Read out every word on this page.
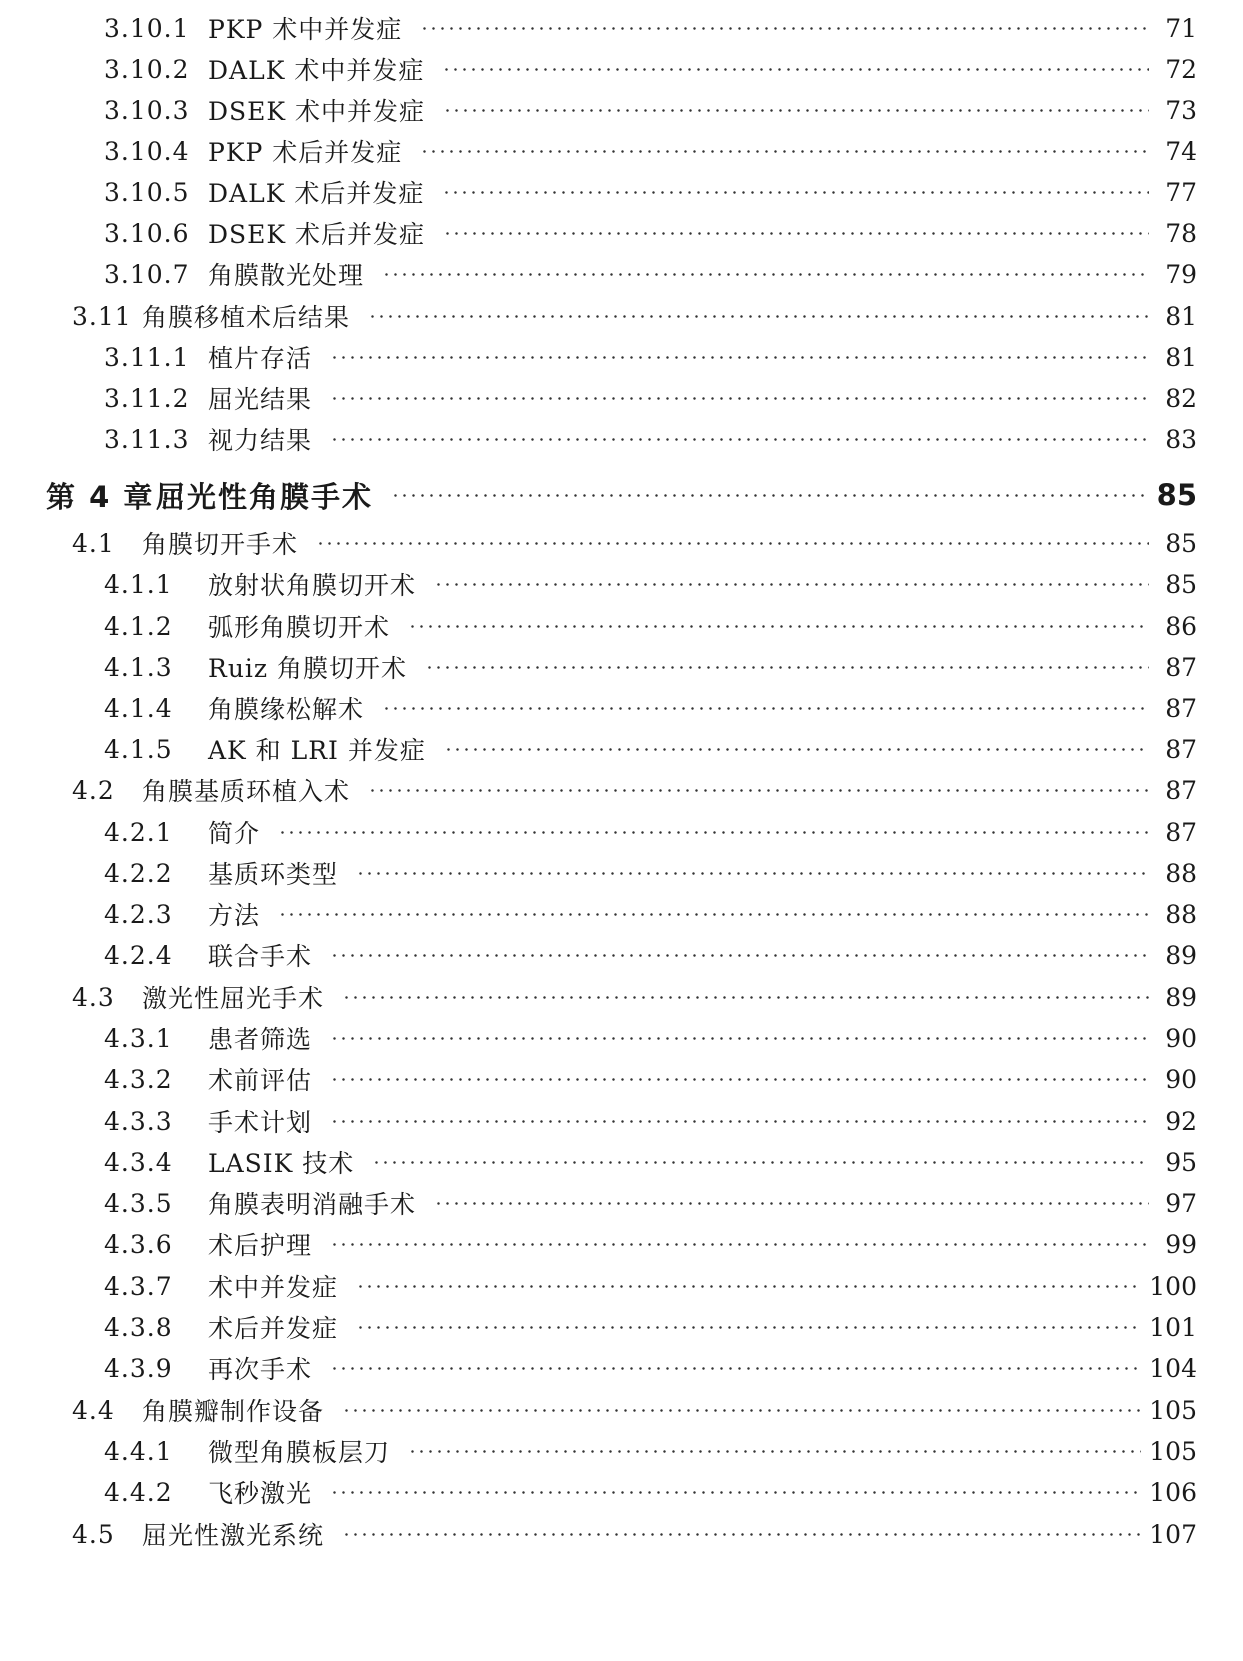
3.10.1 PKP 术中并发症	71
3.10.2 DALK 术中并发症	72
3.10.3 DSEK 术中并发症	73
3.10.4 PKP 术后并发症	74
3.10.5 DALK 术后并发症	77
3.10.6 DSEK 术后并发症	78
3.10.7 角膜散光处理	79
3.11 角膜移植术后结果	81
3.11.1 植片存活	81
3.11.2 屈光结果	82
3.11.3 视力结果	83
第 4 章 屈光性角膜手术	85
4.1	角膜切开手术	85
4.1.1	放射状角膜切开术	85
4.1.2	弧形角膜切开术	86
4.1.3	Ruiz 角膜切开术	87
4.1.4	角膜缘松解术	87
4.1.5	AK 和 LRI 并发症	87
4.2	角膜基质环植入术	87
4.2.1	简介	87
4.2.2	基质环类型	88
4.2.3	方法	88
4.2.4	联合手术	89
4.3	激光性屈光手术	89
4.3.1	患者筛选	90
4.3.2	术前评估	90
4.3.3	手术计划	92
4.3.4	LASIK 技术	95
4.3.5	角膜表明消融手术	97
4.3.6	术后护理	99
4.3.7	术中并发症	100
4.3.8	术后并发症	101
4.3.9	再次手术	104
4.4	角膜瓣制作设备	105
4.4.1	微型角膜板层刀	105
4.4.2	飞秒激光	106
4.5	屈光性激光系统	107
